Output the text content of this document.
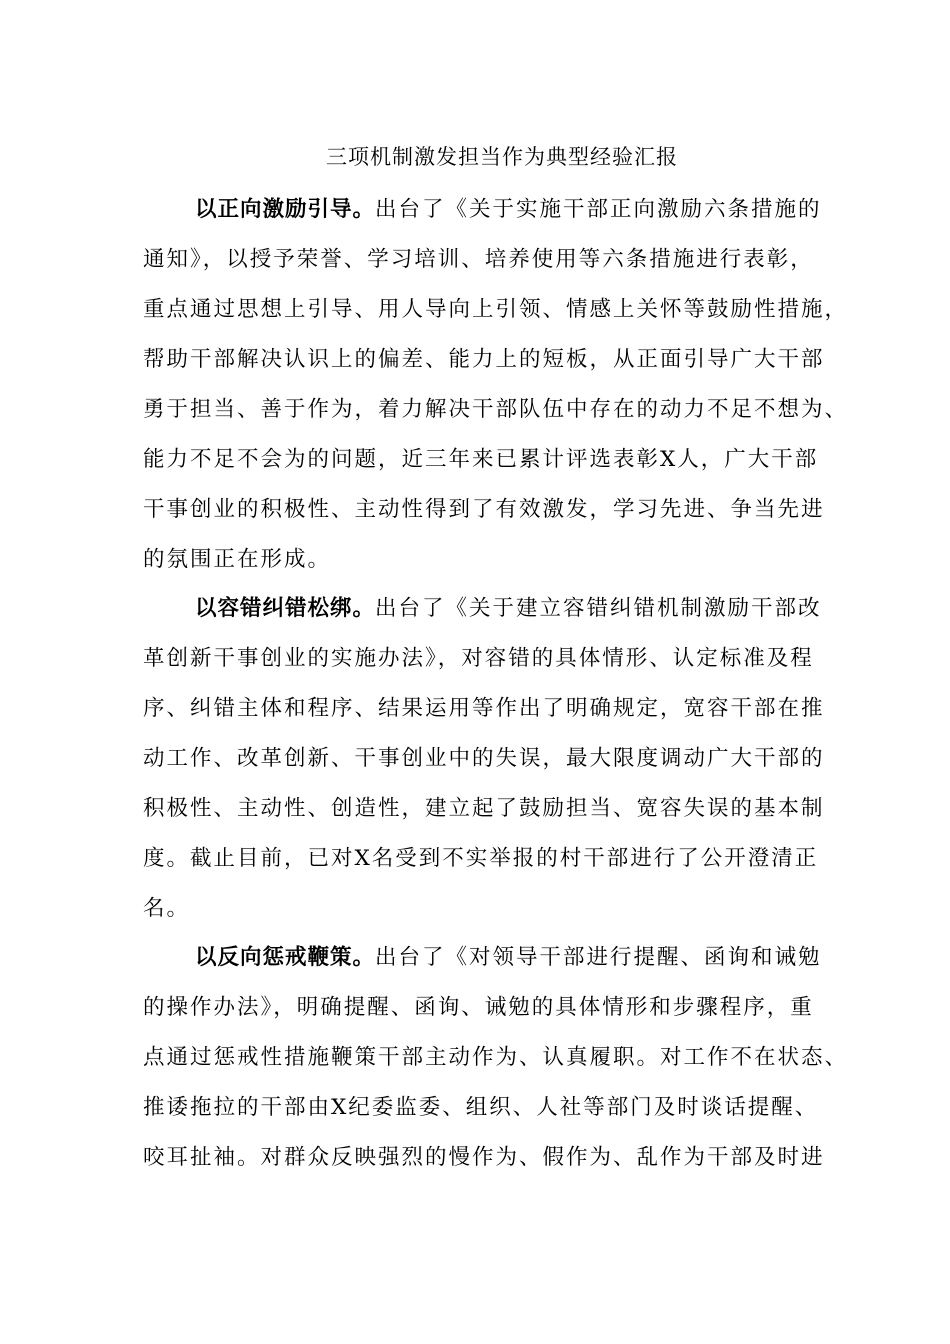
三项机制激发担当作为典型经验汇报
以正向激励引导。出台了《关于实施干部正向激励六条措施的
通知》，以授予荣誉、学习培训、培养使用等六条措施进行表彰，
重点通过思想上引导、用人导向上引领、情感上关怀等鼓励性措施，
帮助干部解决认识上的偏差、能力上的短板，从正面引导广大干部
勇于担当、善于作为，着力解决干部队伍中存在的动力不足不想为、
能力不足不会为的问题，近三年来已累计评选表彰X人，广大干部
干事创业的积极性、主动性得到了有效激发，学习先进、争当先进
的氛围正在形成。
以容错纠错松绑。出台了《关于建立容错纠错机制激励干部改
革创新干事创业的实施办法》，对容错的具体情形、认定标准及程
序、纠错主体和程序、结果运用等作出了明确规定，宽容干部在推
动工作、改革创新、干事创业中的失误，最大限度调动广大干部的
积极性、主动性、创造性，建立起了鼓励担当、宽容失误的基本制
度。截止目前，已对X名受到不实举报的村干部进行了公开澄清正
名。
以反向惩戒鞭策。出台了《对领导干部进行提醒、函询和诫勉
的操作办法》，明确提醒、函询、诫勉的具体情形和步骤程序，重
点通过惩戒性措施鞭策干部主动作为、认真履职。对工作不在状态、
推诿拖拉的干部由X纪委监委、组织、人社等部门及时谈话提醒、
咬耳扯袖。对群众反映强烈的慢作为、假作为、乱作为干部及时进
